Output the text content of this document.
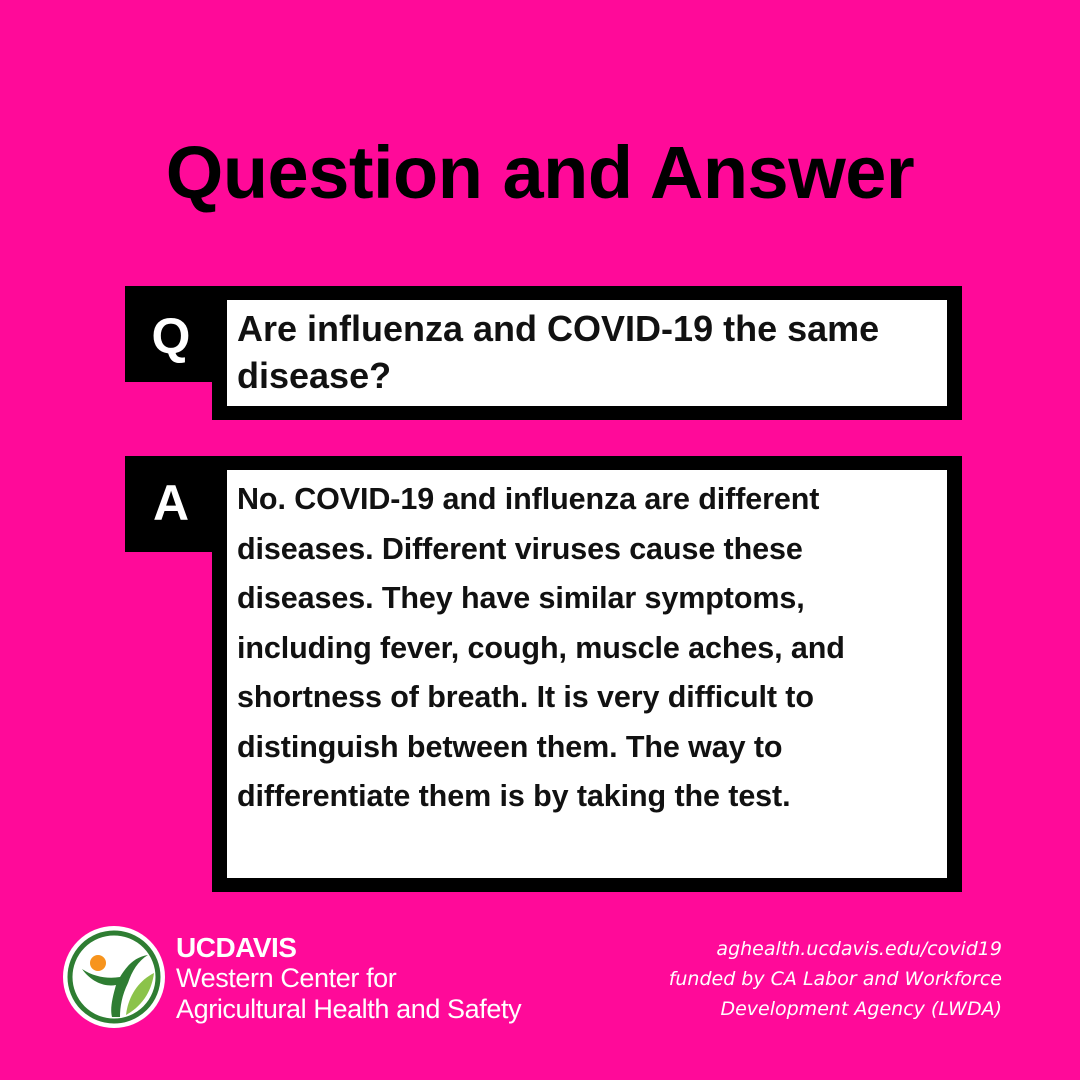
Question and Answer
Q	Are influenza and COVID-19 the same disease?
A	No. COVID-19 and influenza are different diseases. Different viruses cause these diseases. They have similar symptoms, including fever, cough, muscle aches, and shortness of breath. It is very difficult to distinguish between them. The way to differentiate them is by taking the test.
UCDAVIS
Western Center for
Agricultural Health and Safety
aghealth.ucdavis.edu/covid19
funded by CA Labor and Workforce
Development Agency (LWDA)
